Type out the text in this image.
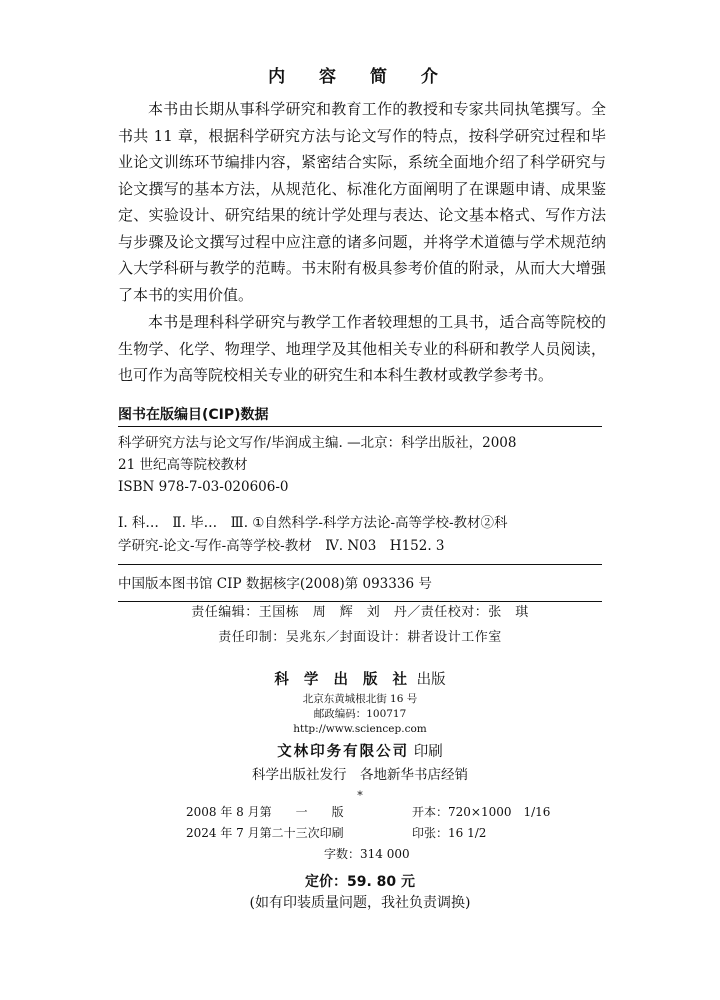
内 容 简 介

本书由长期从事科学研究和教育工作的教授和专家共同执笔撰写。全书共 11 章，根据科学研究方法与论文写作的特点，按科学研究过程和毕业论文训练环节编排内容，紧密结合实际，系统全面地介绍了科学研究与论文撰写的基本方法，从规范化、标准化方面阐明了在课题申请、成果鉴定、实验设计、研究结果的统计学处理与表达、论文基本格式、写作方法与步骤及论文撰写过程中应注意的诸多问题，并将学术道德与学术规范纳入大学科研与教学的范畴。书末附有极具参考价值的附录，从而大大增强了本书的实用价值。

本书是理科科学研究与教学工作者较理想的工具书，适合高等院校的生物学、化学、物理学、地理学及其他相关专业的科研和教学人员阅读，也可作为高等院校相关专业的研究生和本科生教材或教学参考书。

图书在版编目(CIP)数据
科学研究方法与论文写作/毕润成主编. —北京：科学出版社，2008
21 世纪高等院校教材
ISBN 978-7-03-020606-0
Ⅰ. 科…　Ⅱ. 毕…　Ⅲ. ①自然科学-科学方法论-高等学校-教材②科
学研究-论文-写作-高等学校-教材　Ⅳ. N03　H152. 3
中国版本图书馆 CIP 数据核字(2008)第 093336 号
责任编辑：王国栋　周　辉　刘　丹／责任校对：张　琪
责任印制：吴兆东／封面设计：耕者设计工作室
科 学 出 版 社 出版
北京东黄城根北街 16 号
邮政编码：100717
http://www.sciencep.com
文林印务有限公司 印刷
科学出版社发行　各地新华书店经销
*
2008 年 8 月第　　一　　版	开本：720×1000　1/16
2024 年 7 月第二十三次印刷	印张：16 1/2
字数：314 000
定价：59. 80 元
(如有印装质量问题，我社负责调换)
